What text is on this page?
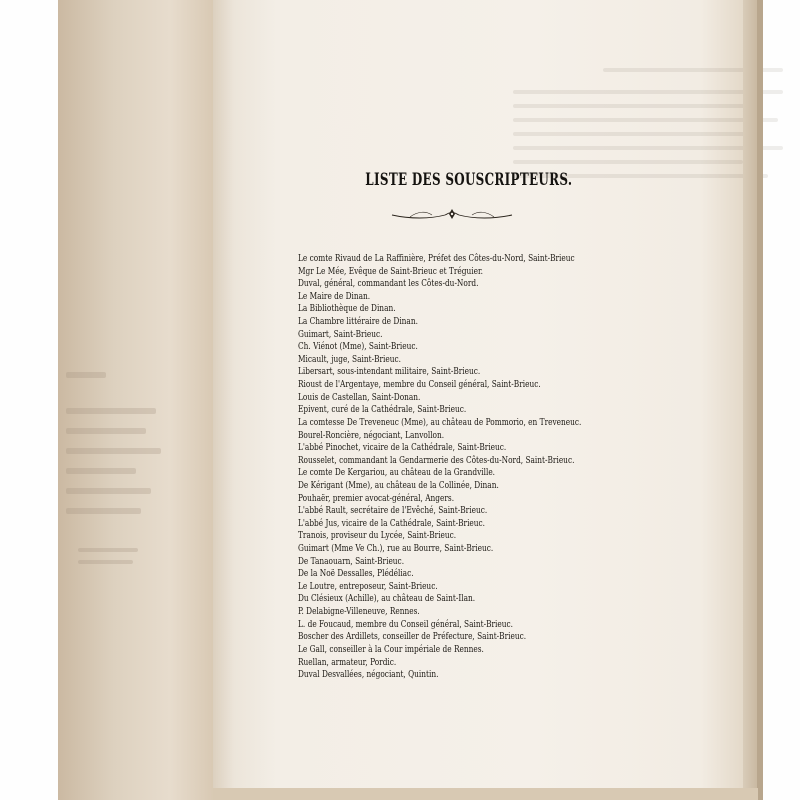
LISTE DES SOUSCRIPTEURS.
Le comte Rivaud de La Raffinière, Préfet des Côtes-du-Nord, Saint-Brieuc
Mgr Le Mée, Evêque de Saint-Brieuc et Tréguier.
Duval, général, commandant les Côtes-du-Nord.
Le Maire de Dinan.
La Bibliothèque de Dinan.
La Chambre littéraire de Dinan.
Guimart, Saint-Brieuc.
Ch. Viénot (Mme), Saint-Brieuc.
Micault, juge, Saint-Brieuc.
Libersart, sous-intendant militaire, Saint-Brieuc.
Rioust de l'Argentaye, membre du Conseil général, Saint-Brieuc.
Louis de Castellan, Saint-Donan.
Epivent, curé de la Cathédrale, Saint-Brieuc.
La comtesse De Treveneuc (Mme), au château de Pommorio, en Treveneuc.
Bourel-Roncière, négociant, Lanvollon.
L'abbé Pinochet, vicaire de la Cathédrale, Saint-Brieuc.
Rousselet, commandant la Gendarmerie des Côtes-du-Nord, Saint-Brieuc.
Le comte De Kergariou, au château de la Grandville.
De Kérigant (Mme), au château de la Collinée, Dinan.
Pouhaër, premier avocat-général, Angers.
L'abbé Rault, secrétaire de l'Evêché, Saint-Brieuc.
L'abbé Jus, vicaire de la Cathédrale, Saint-Brieuc.
Tranois, proviseur du Lycée, Saint-Brieuc.
Guimart (Mme Ve Ch.), rue au Bourre, Saint-Brieuc.
De Tanaouarn, Saint-Brieuc.
De la Noë Dessalles, Plédéliac.
Le Loutre, entreposeur, Saint-Brieuc.
Du Clésieux (Achille), au château de Saint-Ilan.
P. Delabigne-Villeneuve, Rennes.
L. de Foucaud, membre du Conseil général, Saint-Brieuc.
Boscher des Ardillets, conseiller de Préfecture, Saint-Brieuc.
Le Gall, conseiller à la Cour impériale de Rennes.
Ruellan, armateur, Pordic.
Duval Desvallées, négociant, Quintin.
